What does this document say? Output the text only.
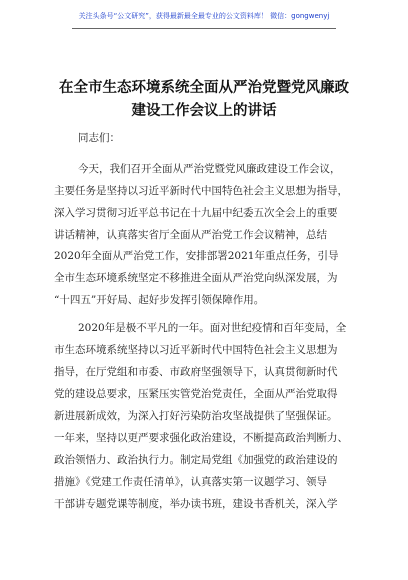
关注头条号“公文研究”，获得最新最全最专业的公文资料库！ 微信：gongwenyj
在全市生态环境系统全面从严治党暨党风廉政
建设工作会议上的讲话
同志们：
今天，我们召开全面从严治党暨党风廉政建设工作会议，
主要任务是坚持以习近平新时代中国特色社会主义思想为指导，
深入学习贯彻习近平总书记在十九届中纪委五次全会上的重要
讲话精神，认真落实省厅全面从严治党工作会议精神，总结
2020年全面从严治党工作，安排部署2021年重点任务，引导
全市生态环境系统坚定不移推进全面从严治党向纵深发展，为
“十四五”开好局、起好步发挥引领保障作用。
2020年是极不平凡的一年。面对世纪疫情和百年变局，全
市生态环境系统坚持以习近平新时代中国特色社会主义思想为
指导，在厅党组和市委、市政府坚强领导下，认真贯彻新时代
党的建设总要求，压紧压实管党治党责任，全面从严治党取得
新进展新成效，为深入打好污染防治攻坚战提供了坚强保证。
一年来，坚持以更严要求强化政治建设，不断提高政治判断力、
政治领悟力、政治执行力。制定局党组《加强党的政治建设的
措施》《党建工作责任清单》，认真落实第一议题学习、领导
干部讲专题党课等制度，举办读书班，建设书香机关，深入学
